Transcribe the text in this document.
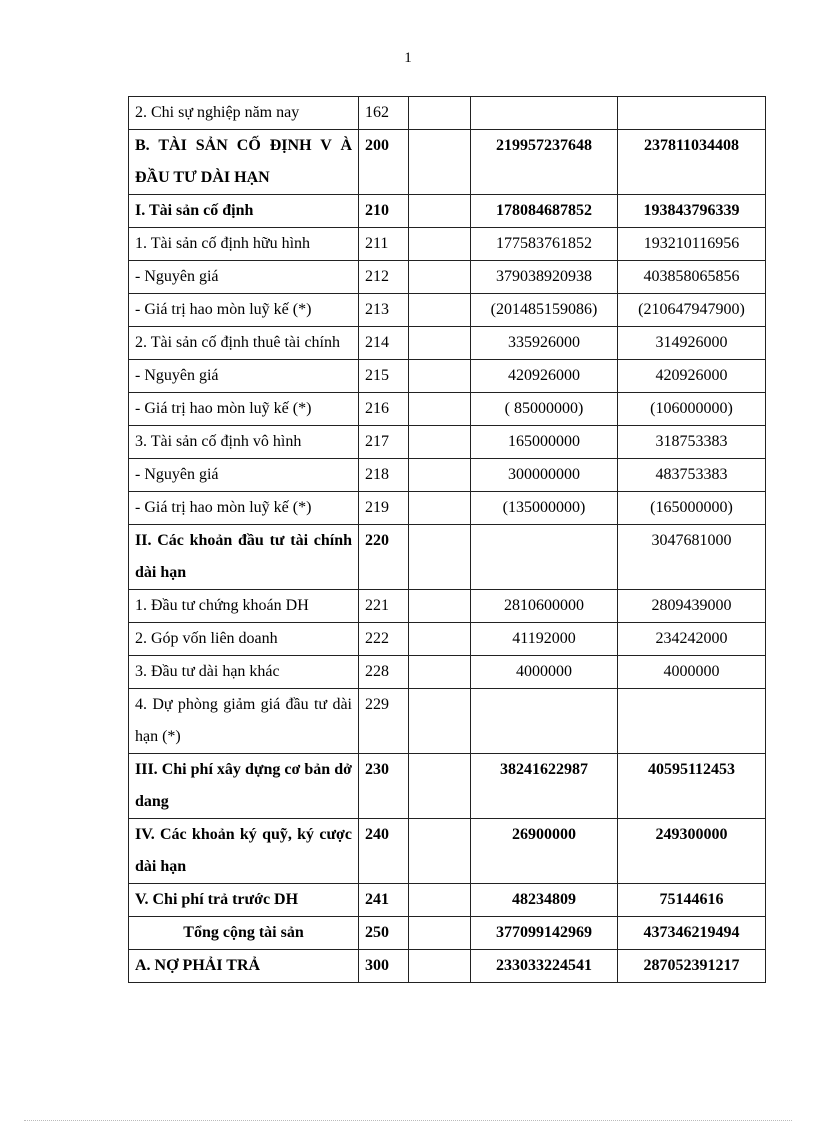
1
2. Chi sự nghiệp năm nay	162			
B. TÀI SẢN CỐ ĐỊNH V À ĐẦU TƯ DÀI HẠN	200		219957237648	237811034408
I. Tài sản cố định	210		178084687852	193843796339
1. Tài sản cố định hữu hình	211		177583761852	193210116956
- Nguyên giá	212		379038920938	403858065856
- Giá trị hao mòn luỹ kế (*)	213		(201485159086)	(210647947900)
2. Tài sản cố định thuê tài chính	214		335926000	314926000
- Nguyên giá	215		420926000	420926000
- Giá trị hao mòn luỹ kế (*)	216		( 85000000)	(106000000)
3. Tài sản cố định vô hình	217		165000000	318753383
- Nguyên giá	218		300000000	483753383
- Giá trị hao mòn luỹ kế (*)	219		(135000000)	(165000000)
II. Các khoản đầu tư tài chính dài hạn	220			3047681000
1. Đầu tư chứng khoán DH	221		2810600000	2809439000
2. Góp vốn liên doanh	222		41192000	234242000
3. Đầu tư dài hạn khác	228		4000000	4000000
4. Dự phòng giảm giá đầu tư dài hạn (*)	229			
III. Chi phí xây dựng cơ bản dở dang	230		38241622987	40595112453
IV. Các khoản ký quỹ, ký cược dài hạn	240		26900000	249300000
V. Chi phí trả trước DH	241		48234809	75144616
Tổng cộng tài sản	250		377099142969	437346219494
A. NỢ PHẢI TRẢ	300		233033224541	287052391217
